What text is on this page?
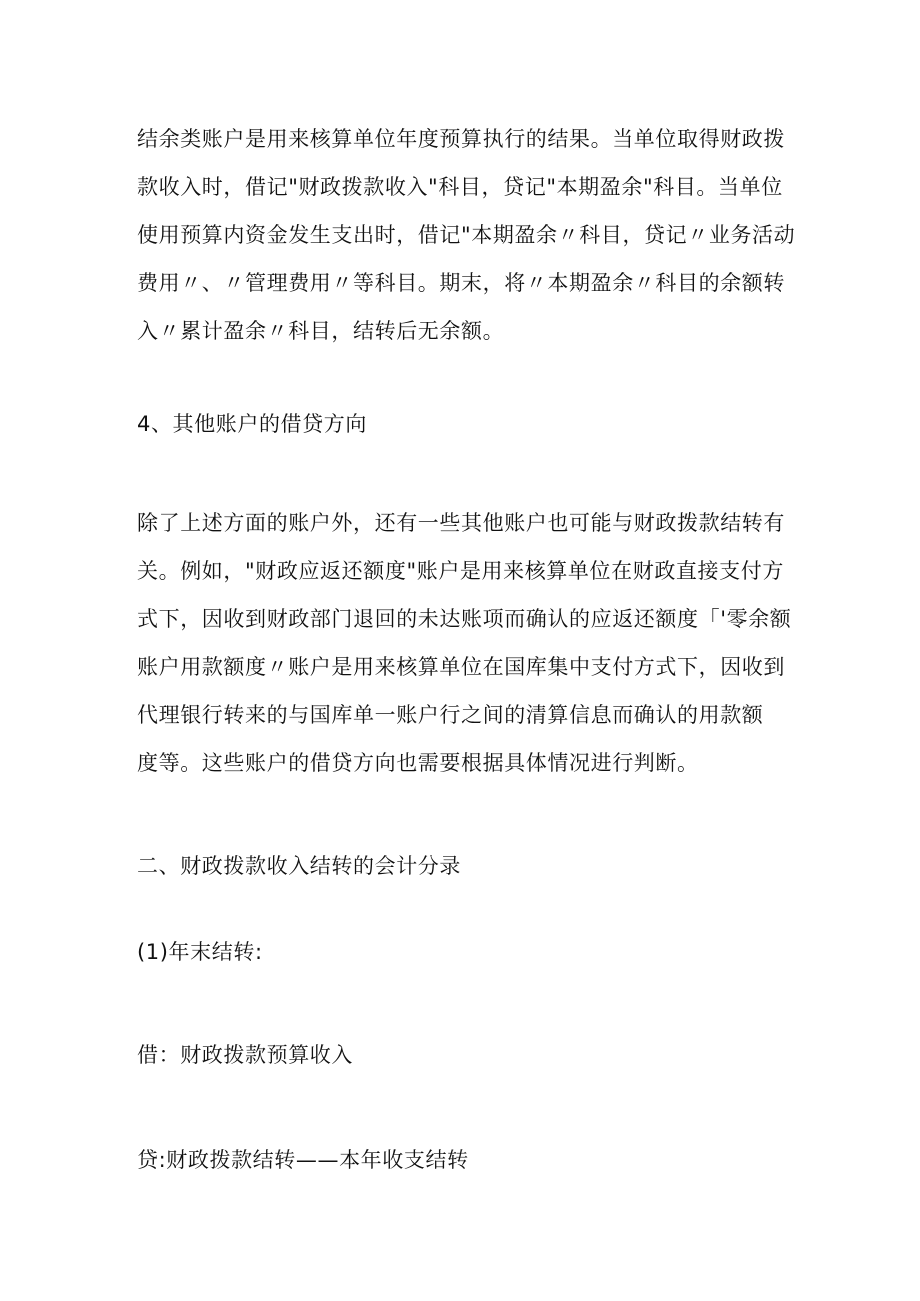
结余类账户是用来核算单位年度预算执行的结果。当单位取得财政拨

款收入时，借记"财政拨款收入"科目，贷记"本期盈余"科目。当单位

使用预算内资金发生支出时，借记"本期盈余〃科目，贷记〃业务活动

费用〃、〃管理费用〃等科目。期末，将〃本期盈余〃科目的余额转

入〃累计盈余〃科目，结转后无余额。

4、其他账户的借贷方向

除了上述方面的账户外，还有一些其他账户也可能与财政拨款结转有

关。例如，"财政应返还额度"账户是用来核算单位在财政直接支付方

式下，因收到财政部门退回的未达账项而确认的应返还额度「'零余额

账户用款额度〃账户是用来核算单位在国库集中支付方式下，因收到

代理银行转来的与国库单一账户行之间的清算信息而确认的用款额

度等。这些账户的借贷方向也需要根据具体情况进行判断。

二、财政拨款收入结转的会计分录

(1)年末结转:

借：财政拨款预算收入

贷:财政拨款结转——本年收支结转
